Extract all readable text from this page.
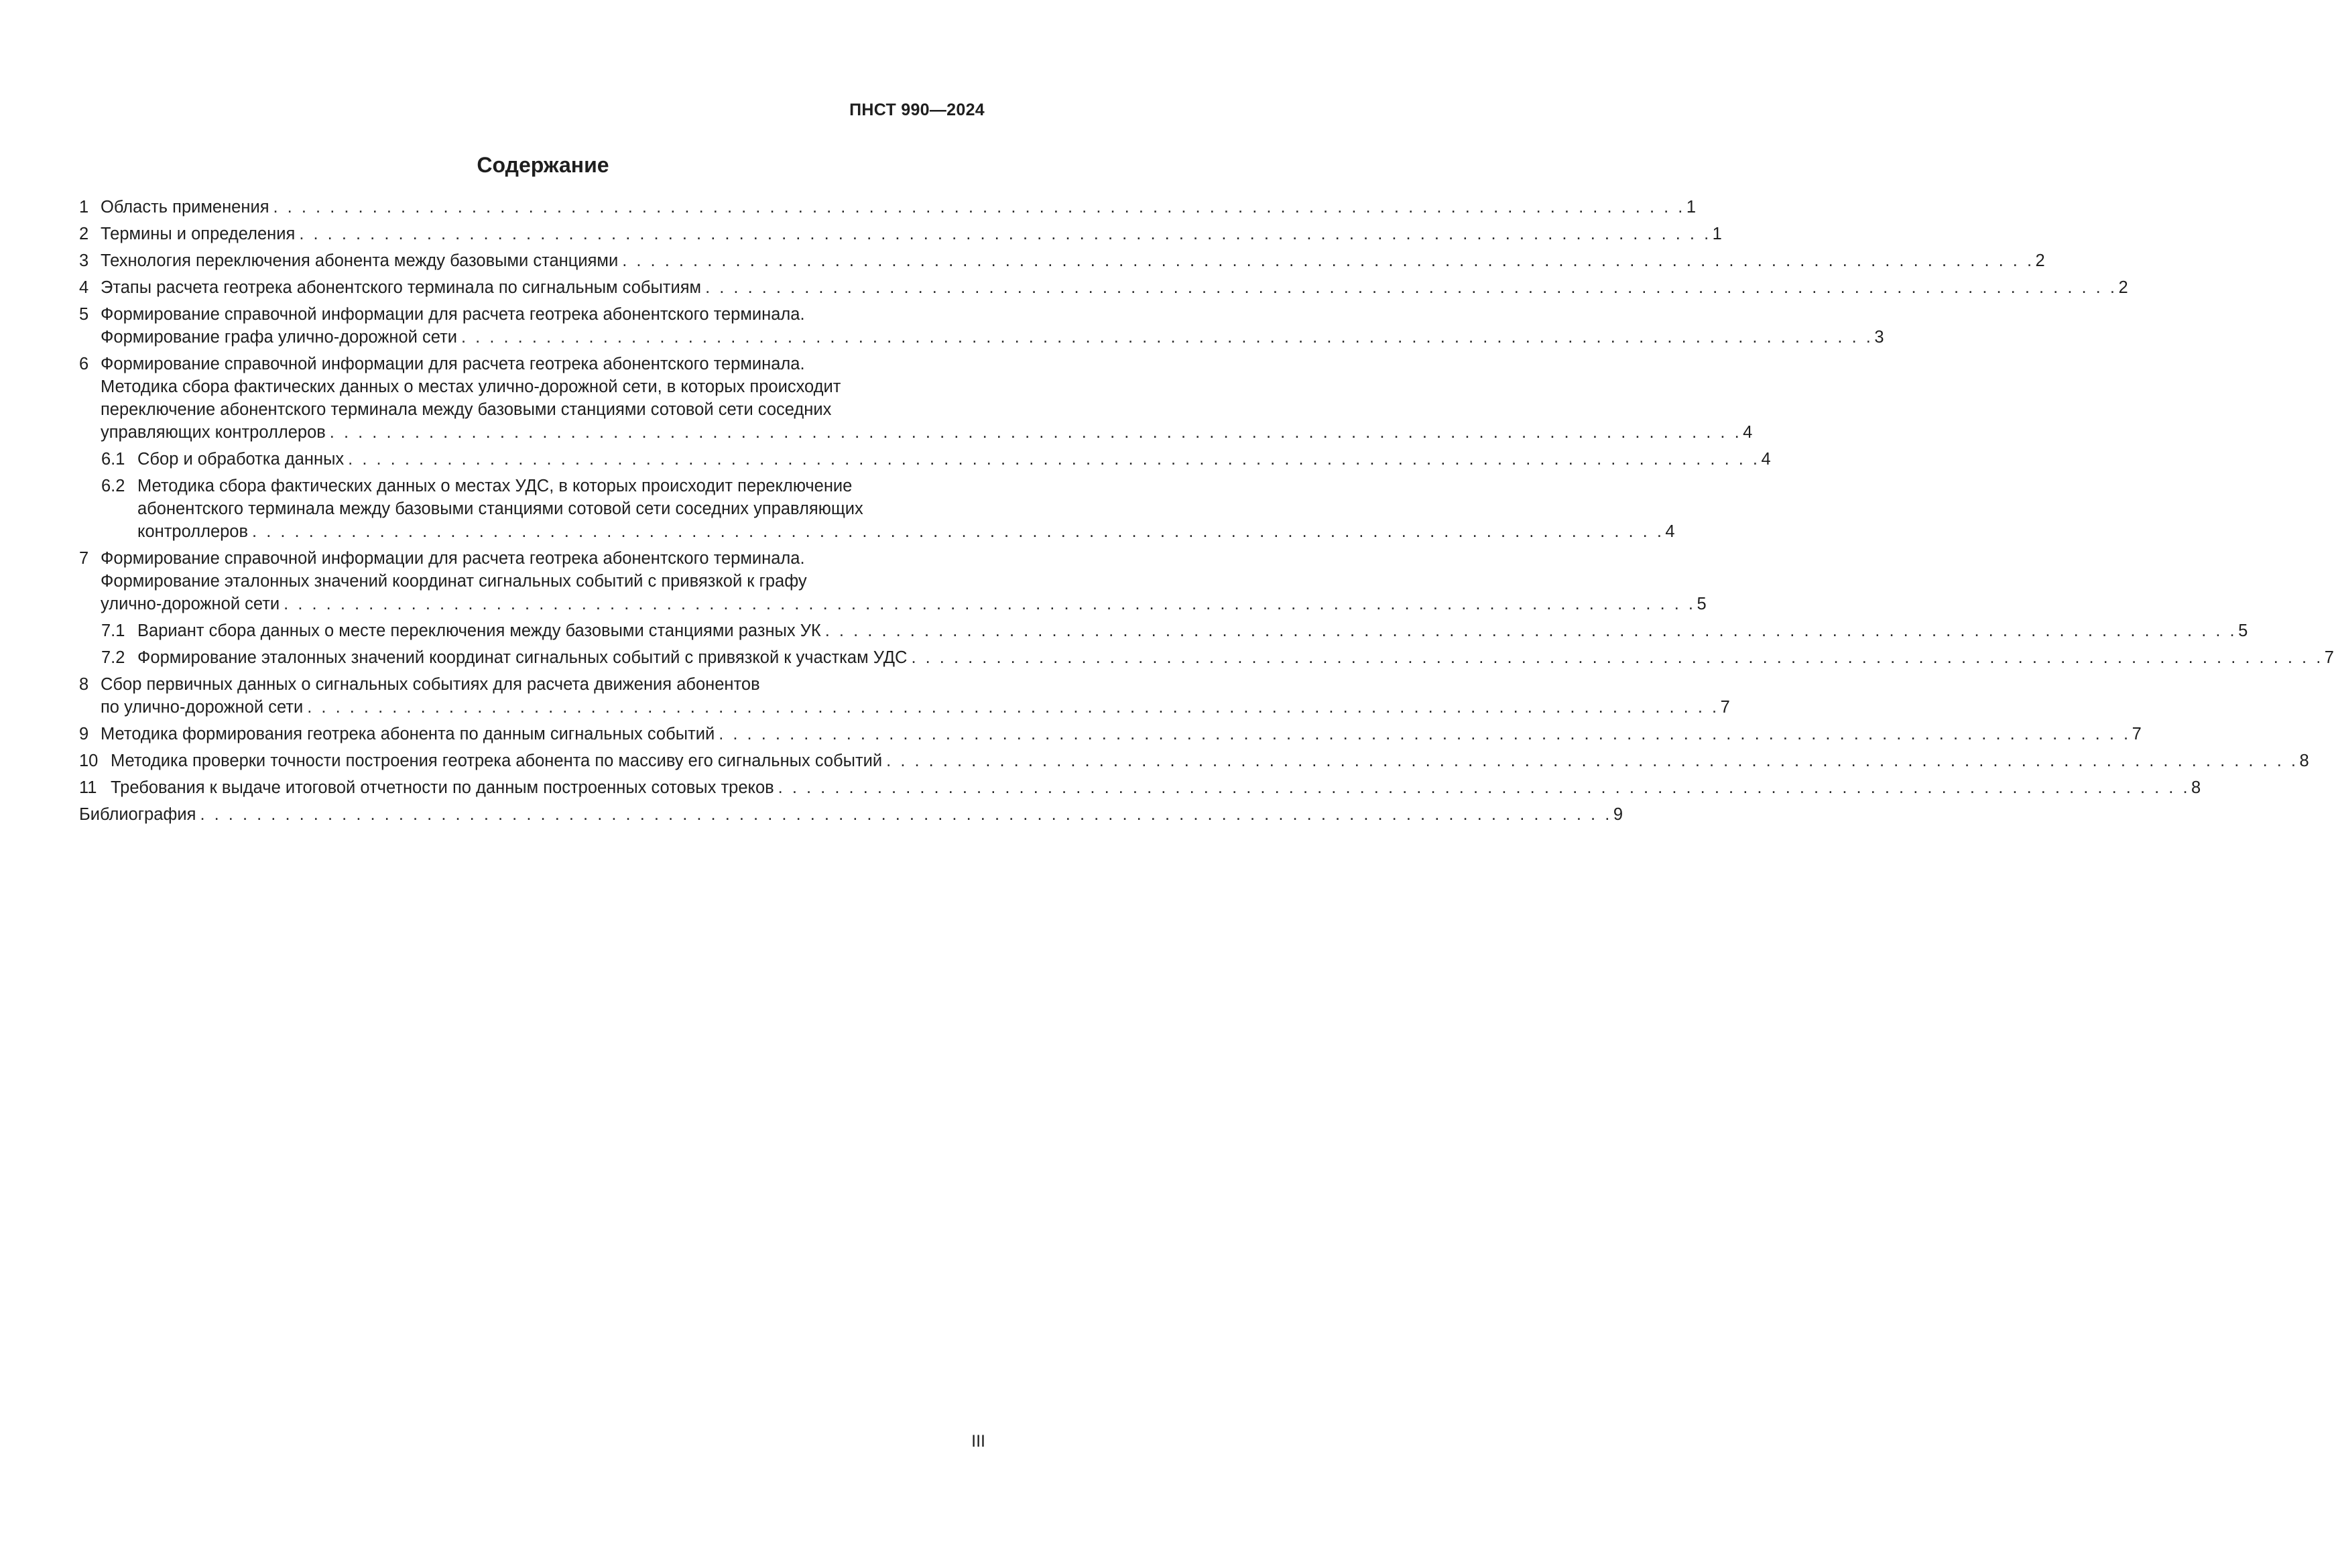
ПНСТ 990—2024
Содержание
1 Область применения . . . . . . . . . . . . . . . . . . . . . . . . . . . . . . . . . . . . . . . . . . . . . . . . . . . . . . . . . . . . . . . . . . . . . . . . . . . . . . . . . . . . . . . . . . . . . . . . . . . . 1
2 Термины и определения . . . . . . . . . . . . . . . . . . . . . . . . . . . . . . . . . . . . . . . . . . . . . . . . . . . . . . . . . . . . . . . . . . . . . . . . . . . . . . . . . . . . . . . . . . . . . . . . . . . . 1
3 Технология переключения абонента между базовыми станциями . . . . . . . . . . . . . . . . . . . . . . . . . . . . . . . . . . . . . . . . . . . . . . . . . . . . . . . . . . . . . . . . . . . . . . . . . . . . . . . . . . . . . . . . . . . . . . . . . . . . 2
4 Этапы расчета геотрека абонентского терминала по сигнальным событиям . . . . . . . . . . . . . . . . . . . . . . . . . . . . . . . . . . . . . . . . . . . . . . . . . . . . . . . . . . . . . . . . . . . . . . . . . . . . . . . . . . . . . . . . . . . . . . . . . . . . 2
5 Формирование справочной информации для расчета геотрека абонентского терминала.
Формирование графа улично-дорожной сети . . . . . . . . . . . . . . . . . . . . . . . . . . . . . . . . . . . . . . . . . . . . . . . . . . . . . . . . . . . . . . . . . . . . . . . . . . . . . . . . . . . . . . . . . . . . . . . . . . . . 3
6 Формирование справочной информации для расчета геотрека абонентского терминала.
Методика сбора фактических данных о местах улично-дорожной сети, в которых происходит
переключение абонентского терминала между базовыми станциями сотовой сети соседних
управляющих контроллеров . . . . . . . . . . . . . . . . . . . . . . . . . . . . . . . . . . . . . . . . . . . . . . . . . . . . . . . . . . . . . . . . . . . . . . . . . . . . . . . . . . . . . . . . . . . . . . . . . . . . 4
6.1 Сбор и обработка данных . . . . . . . . . . . . . . . . . . . . . . . . . . . . . . . . . . . . . . . . . . . . . . . . . . . . . . . . . . . . . . . . . . . . . . . . . . . . . . . . . . . . . . . . . . . . . . . . . . . . 4
6.2 Методика сбора фактических данных о местах УДС, в которых происходит переключение
абонентского терминала между базовыми станциями сотовой сети соседних управляющих
контроллеров . . . . . . . . . . . . . . . . . . . . . . . . . . . . . . . . . . . . . . . . . . . . . . . . . . . . . . . . . . . . . . . . . . . . . . . . . . . . . . . . . . . . . . . . . . . . . . . . . . . . 4
7 Формирование справочной информации для расчета геотрека абонентского терминала.
Формирование эталонных значений координат сигнальных событий с привязкой к графу
улично-дорожной сети . . . . . . . . . . . . . . . . . . . . . . . . . . . . . . . . . . . . . . . . . . . . . . . . . . . . . . . . . . . . . . . . . . . . . . . . . . . . . . . . . . . . . . . . . . . . . . . . . . . . 5
7.1 Вариант сбора данных о месте переключения между базовыми станциями разных УК . . . . . . . . . . . . . . . . . . . . . . . . . . . . . . . . . . . . . . . . . . . . . . . . . . . . . . . . . . . . . . . . . . . . . . . . . . . . . . . . . . . . . . . . . . . . . . . . . . . . 5
7.2 Формирование эталонных значений координат сигнальных событий с привязкой к участкам УДС . . . . . . . . . . . . . . . . . . . . . . . . . . . . . . . . . . . . . . . . . . . . . . . . . . . . . . . . . . . . . . . . . . . . . . . . . . . . . . . . . . . . . . . . . . . . . . . . . . . . 7
8 Сбор первичных данных о сигнальных событиях для расчета движения абонентов
по улично-дорожной сети . . . . . . . . . . . . . . . . . . . . . . . . . . . . . . . . . . . . . . . . . . . . . . . . . . . . . . . . . . . . . . . . . . . . . . . . . . . . . . . . . . . . . . . . . . . . . . . . . . . . 7
9 Методика формирования геотрека абонента по данным сигнальных событий . . . . . . . . . . . . . . . . . . . . . . . . . . . . . . . . . . . . . . . . . . . . . . . . . . . . . . . . . . . . . . . . . . . . . . . . . . . . . . . . . . . . . . . . . . . . . . . . . . . . 7
10 Методика проверки точности построения геотрека абонента по массиву его сигнальных событий . . . . . . . . . . . . . . . . . . . . . . . . . . . . . . . . . . . . . . . . . . . . . . . . . . . . . . . . . . . . . . . . . . . . . . . . . . . . . . . . . . . . . . . . . . . . . . . . . . . . 8
11 Требования к выдаче итоговой отчетности по данным построенных сотовых треков . . . . . . . . . . . . . . . . . . . . . . . . . . . . . . . . . . . . . . . . . . . . . . . . . . . . . . . . . . . . . . . . . . . . . . . . . . . . . . . . . . . . . . . . . . . . . . . . . . . . 8
Библиография . . . . . . . . . . . . . . . . . . . . . . . . . . . . . . . . . . . . . . . . . . . . . . . . . . . . . . . . . . . . . . . . . . . . . . . . . . . . . . . . . . . . . . . . . . . . . . . . . . . . 9
III
